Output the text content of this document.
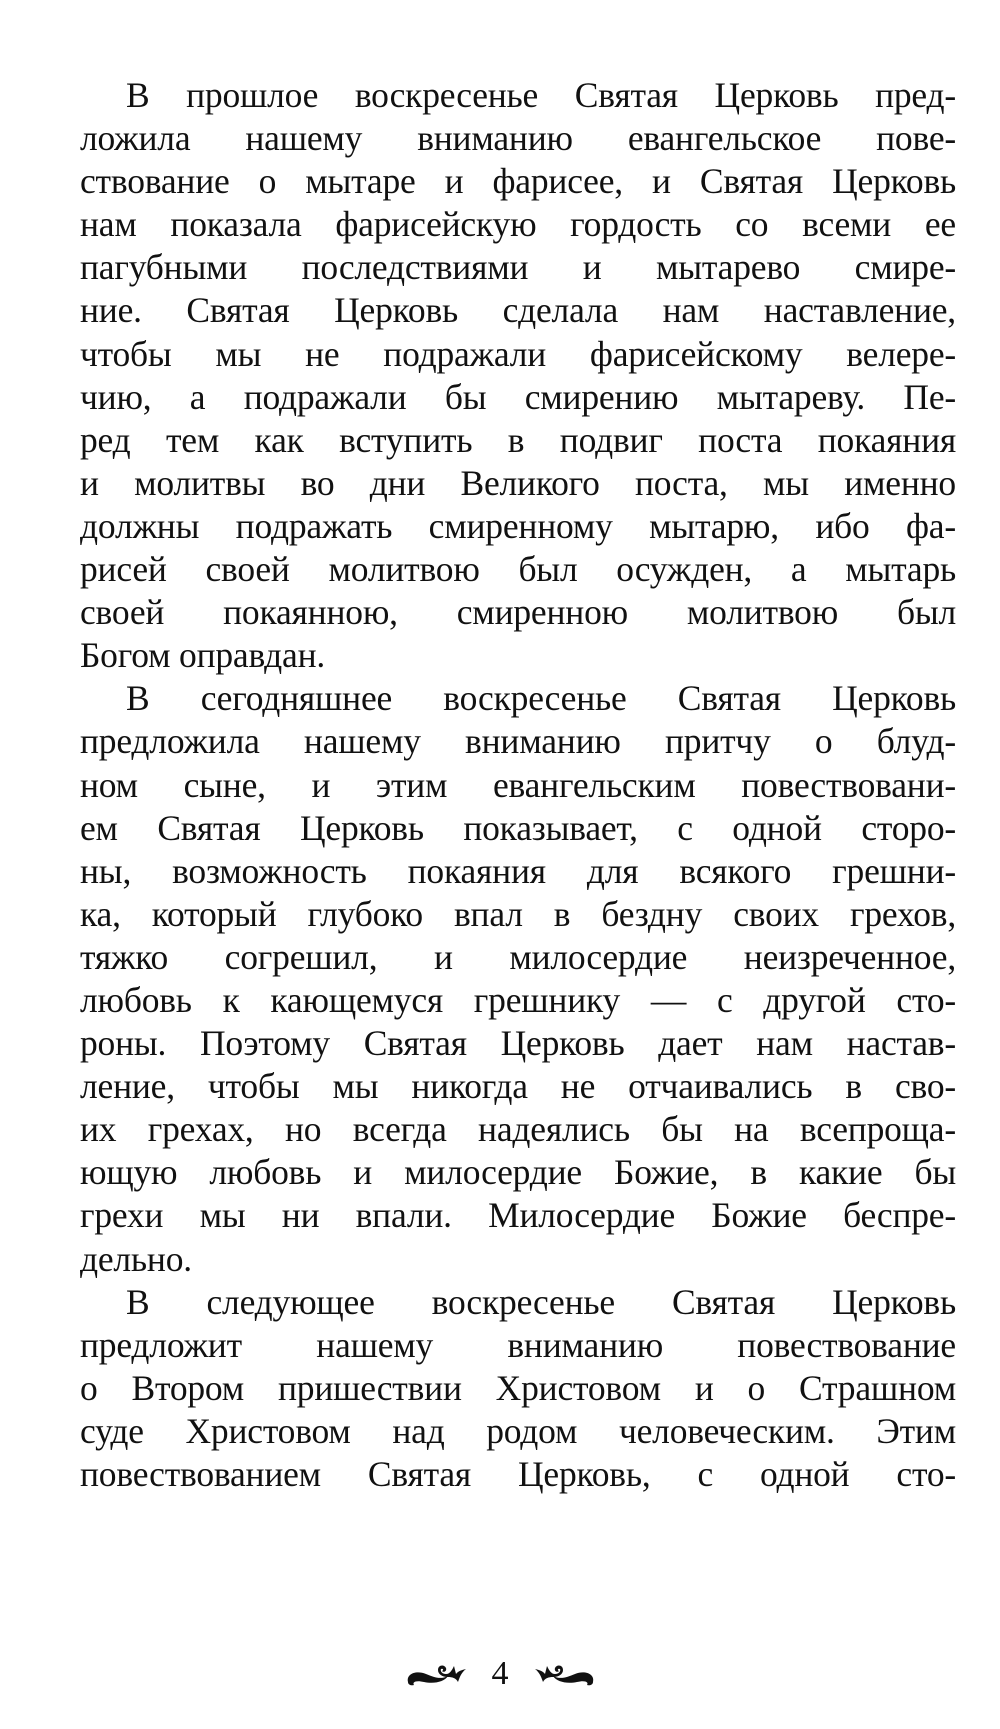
В прошлое воскресенье Святая Церковь пред-
ложила нашему вниманию евангельское пове-
ствование о мытаре и фарисее, и Святая Церковь
нам показала фарисейскую гордость со всеми ее
пагубными последствиями и мытарево смире-
ние. Святая Церковь сделала нам наставление,
чтобы мы не подражали фарисейскому велере-
чию, а подражали бы смирению мытареву. Пе-
ред тем как вступить в подвиг поста покаяния
и молитвы во дни Великого поста, мы именно
должны подражать смиренному мытарю, ибо фа-
рисей своей молитвою был осужден, а мытарь
своей покаянною, смиренною молитвою был
Богом оправдан.
В сегодняшнее воскресенье Святая Церковь
предложила нашему вниманию притчу о блуд-
ном сыне, и этим евангельским повествовани-
ем Святая Церковь показывает, с одной сторо-
ны, возможность покаяния для всякого грешни-
ка, который глубоко впал в бездну своих грехов,
тяжко согрешил, и милосердие неизреченное,
любовь к кающемуся грешнику — с другой сто-
роны. Поэтому Святая Церковь дает нам настав-
ление, чтобы мы никогда не отчаивались в сво-
их грехах, но всегда надеялись бы на всепроща-
ющую любовь и милосердие Божие, в какие бы
грехи мы ни впали. Милосердие Божие беспре-
дельно.
В следующее воскресенье Святая Церковь
предложит нашему вниманию повествование
о Втором пришествии Христовом и о Страшном
суде Христовом над родом человеческим. Этим
повествованием Святая Церковь, с одной сто-
4
